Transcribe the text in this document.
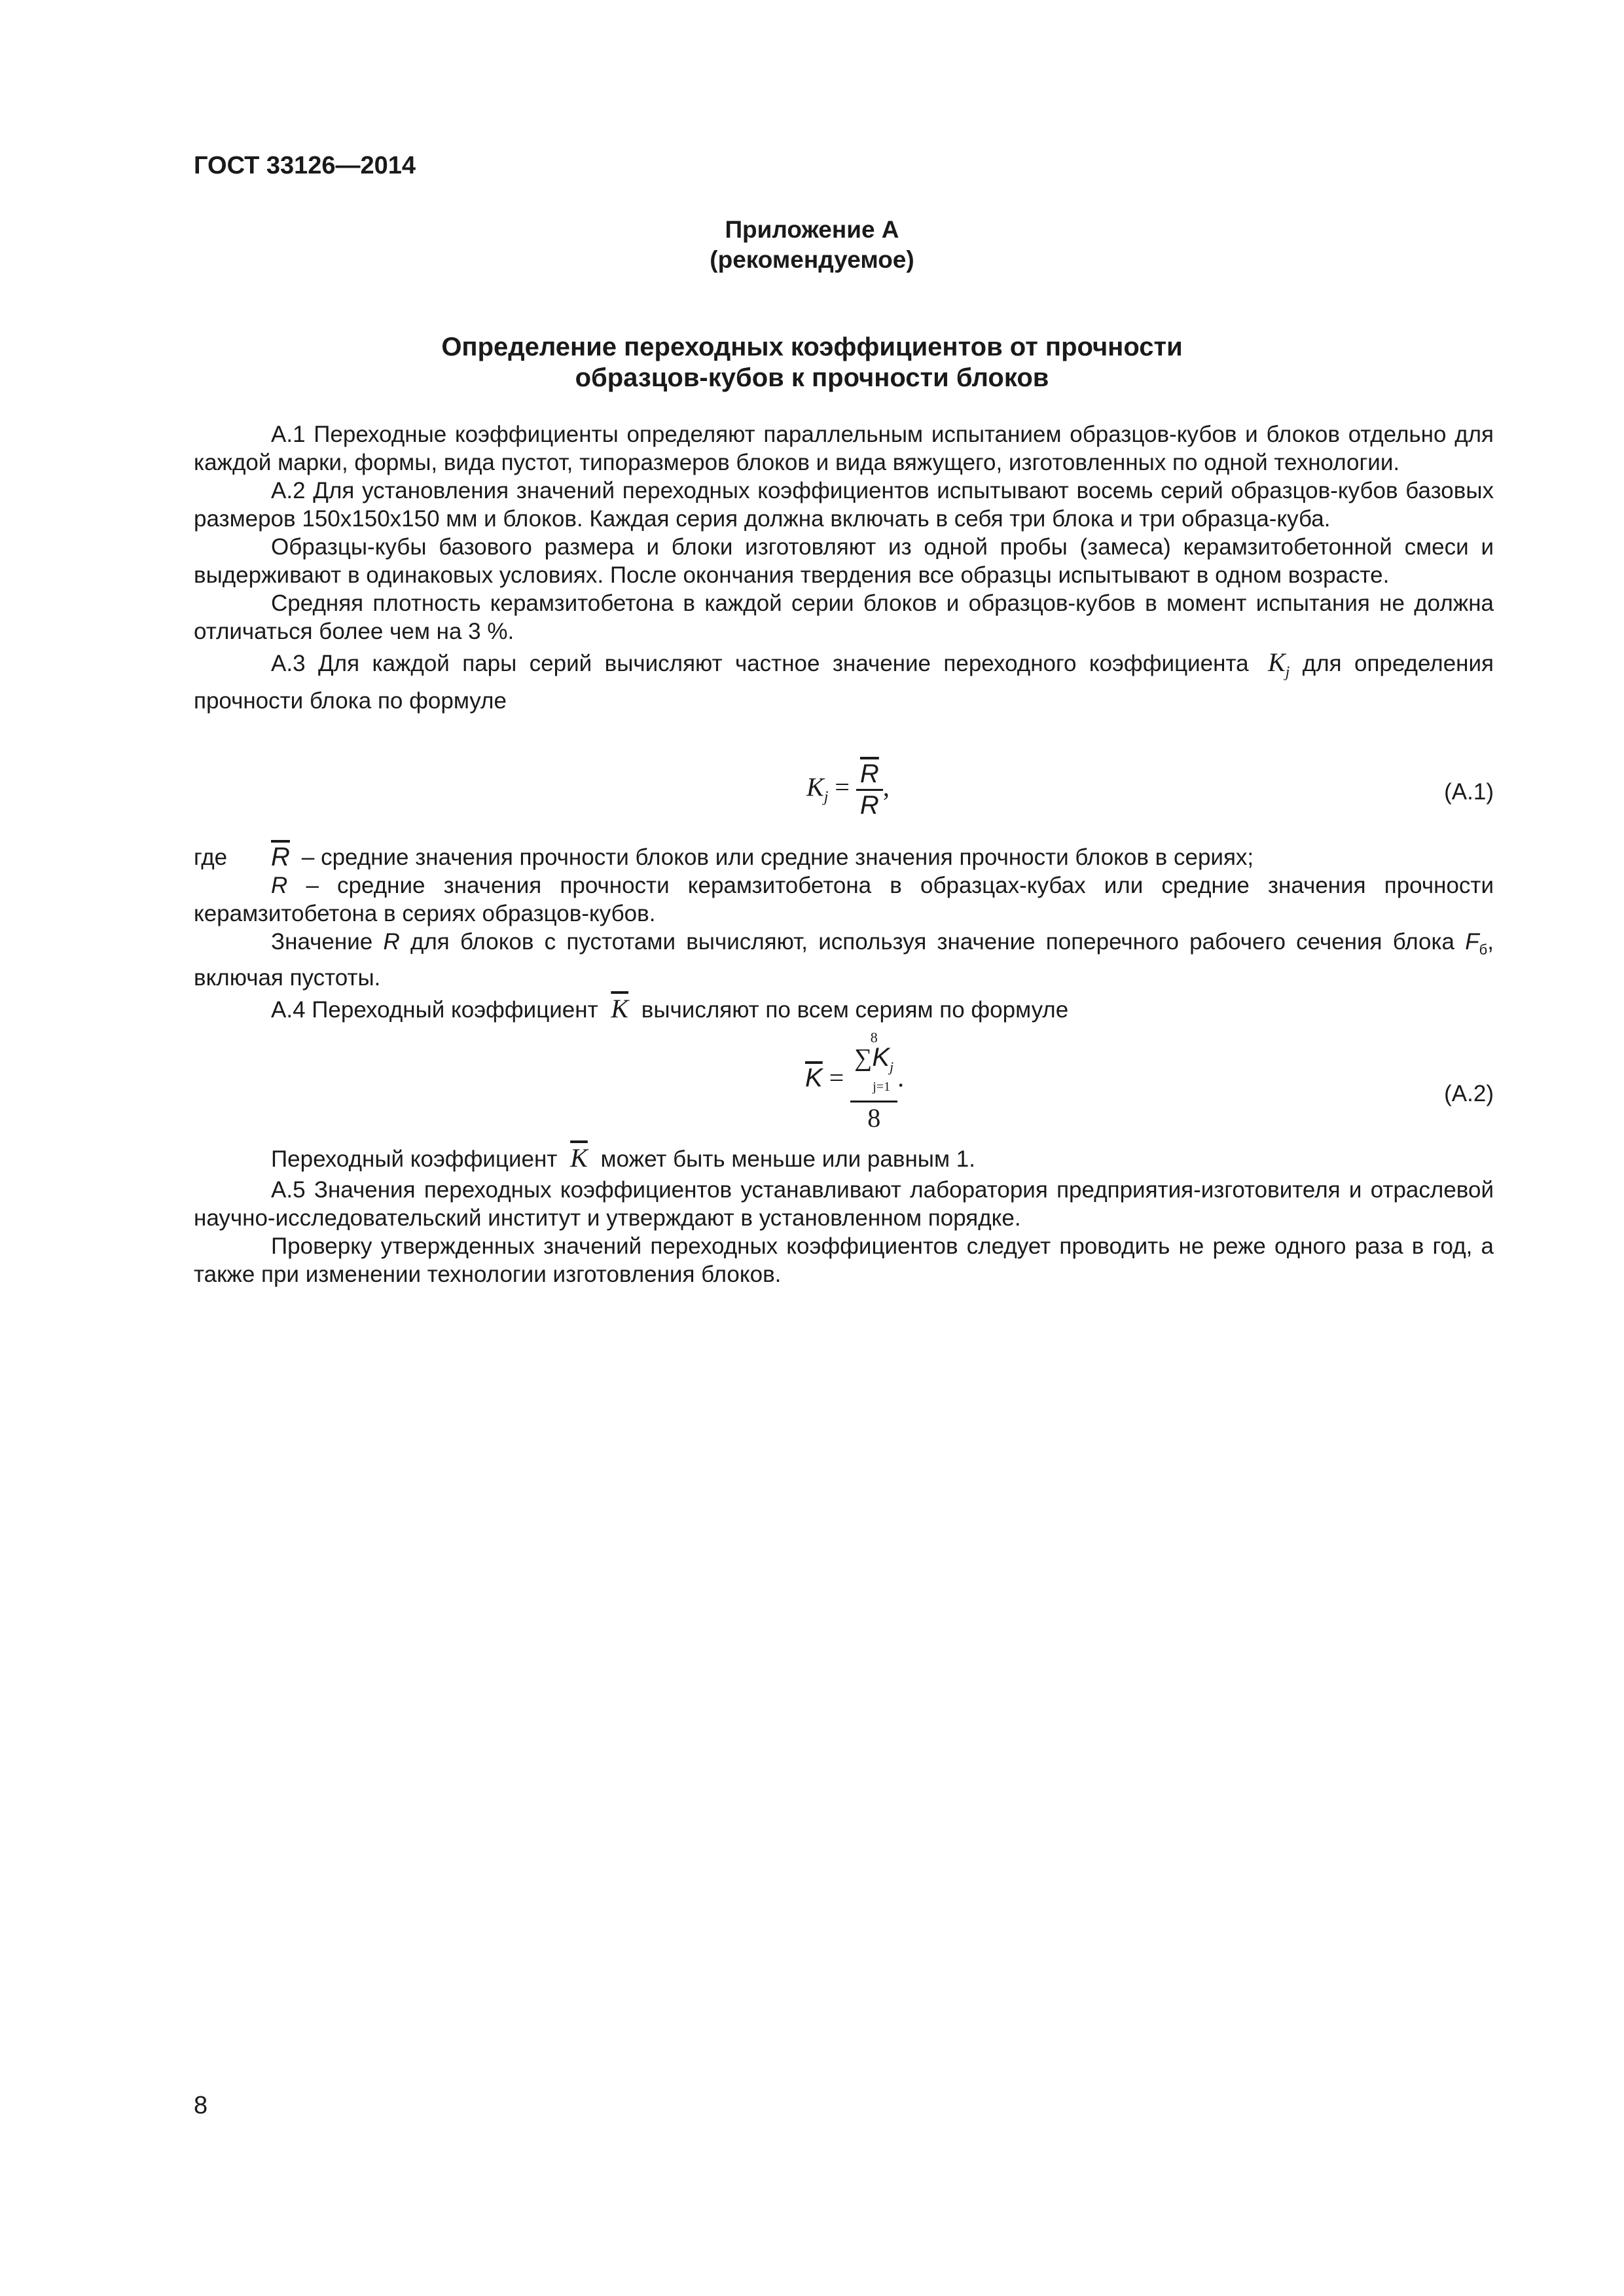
ГОСТ 33126—2014
Приложение А
(рекомендуемое)
Определение переходных коэффициентов от прочности
образцов-кубов к прочности блоков

А.1 Переходные коэффициенты определяют параллельным испытанием образцов-кубов и блоков отдельно для каждой марки, формы, вида пустот, типоразмеров блоков и вида вяжущего, изготовленных по одной технологии.

А.2 Для установления значений переходных коэффициентов испытывают восемь серий образцов-кубов базовых размеров 150х150х150 мм и блоков. Каждая серия должна включать в себя три блока и три образца-куба.

Образцы-кубы базового размера и блоки изготовляют из одной пробы (замеса) керамзитобетонной смеси и выдерживают в одинаковых условиях. После окончания твердения все образцы испытывают в одном возрасте.

Средняя плотность керамзитобетона в каждой серии блоков и образцов-кубов в момент испытания не должна отличаться более чем на 3 %.

А.3 Для каждой пары серий вычисляют частное значение переходного коэффициента $K_j$ для определения прочности блока по формуле

$K_j = \frac{\overline{R}}{R}$ ,	(А.1)
где	$\overline{R}$ – средние значения прочности блоков или средние значения прочности блоков в сериях;

R – средние значения прочности керамзитобетона в образцах-кубах или средние значения прочности керамзитобетона в сериях образцов-кубов.

Значение R для блоков с пустотами вычисляют, используя значение поперечного рабочего сечения блока $F_б$, включая пустоты.

А.4 Переходный коэффициент $\overline{K}$ вычисляют по всем сериям по формуле

$\overline{K} = 8$
$\sum K_j$
j=1
8 .
(А.2)

Переходный коэффициент $\overline{K}$ может быть меньше или равным 1.

А.5 Значения переходных коэффициентов устанавливают лаборатория предприятия-изготовителя и отраслевой научно-исследовательский институт и утверждают в установленном порядке.

Проверку утвержденных значений переходных коэффициентов следует проводить не реже одного раза в год, а также при изменении технологии изготовления блоков.

8
